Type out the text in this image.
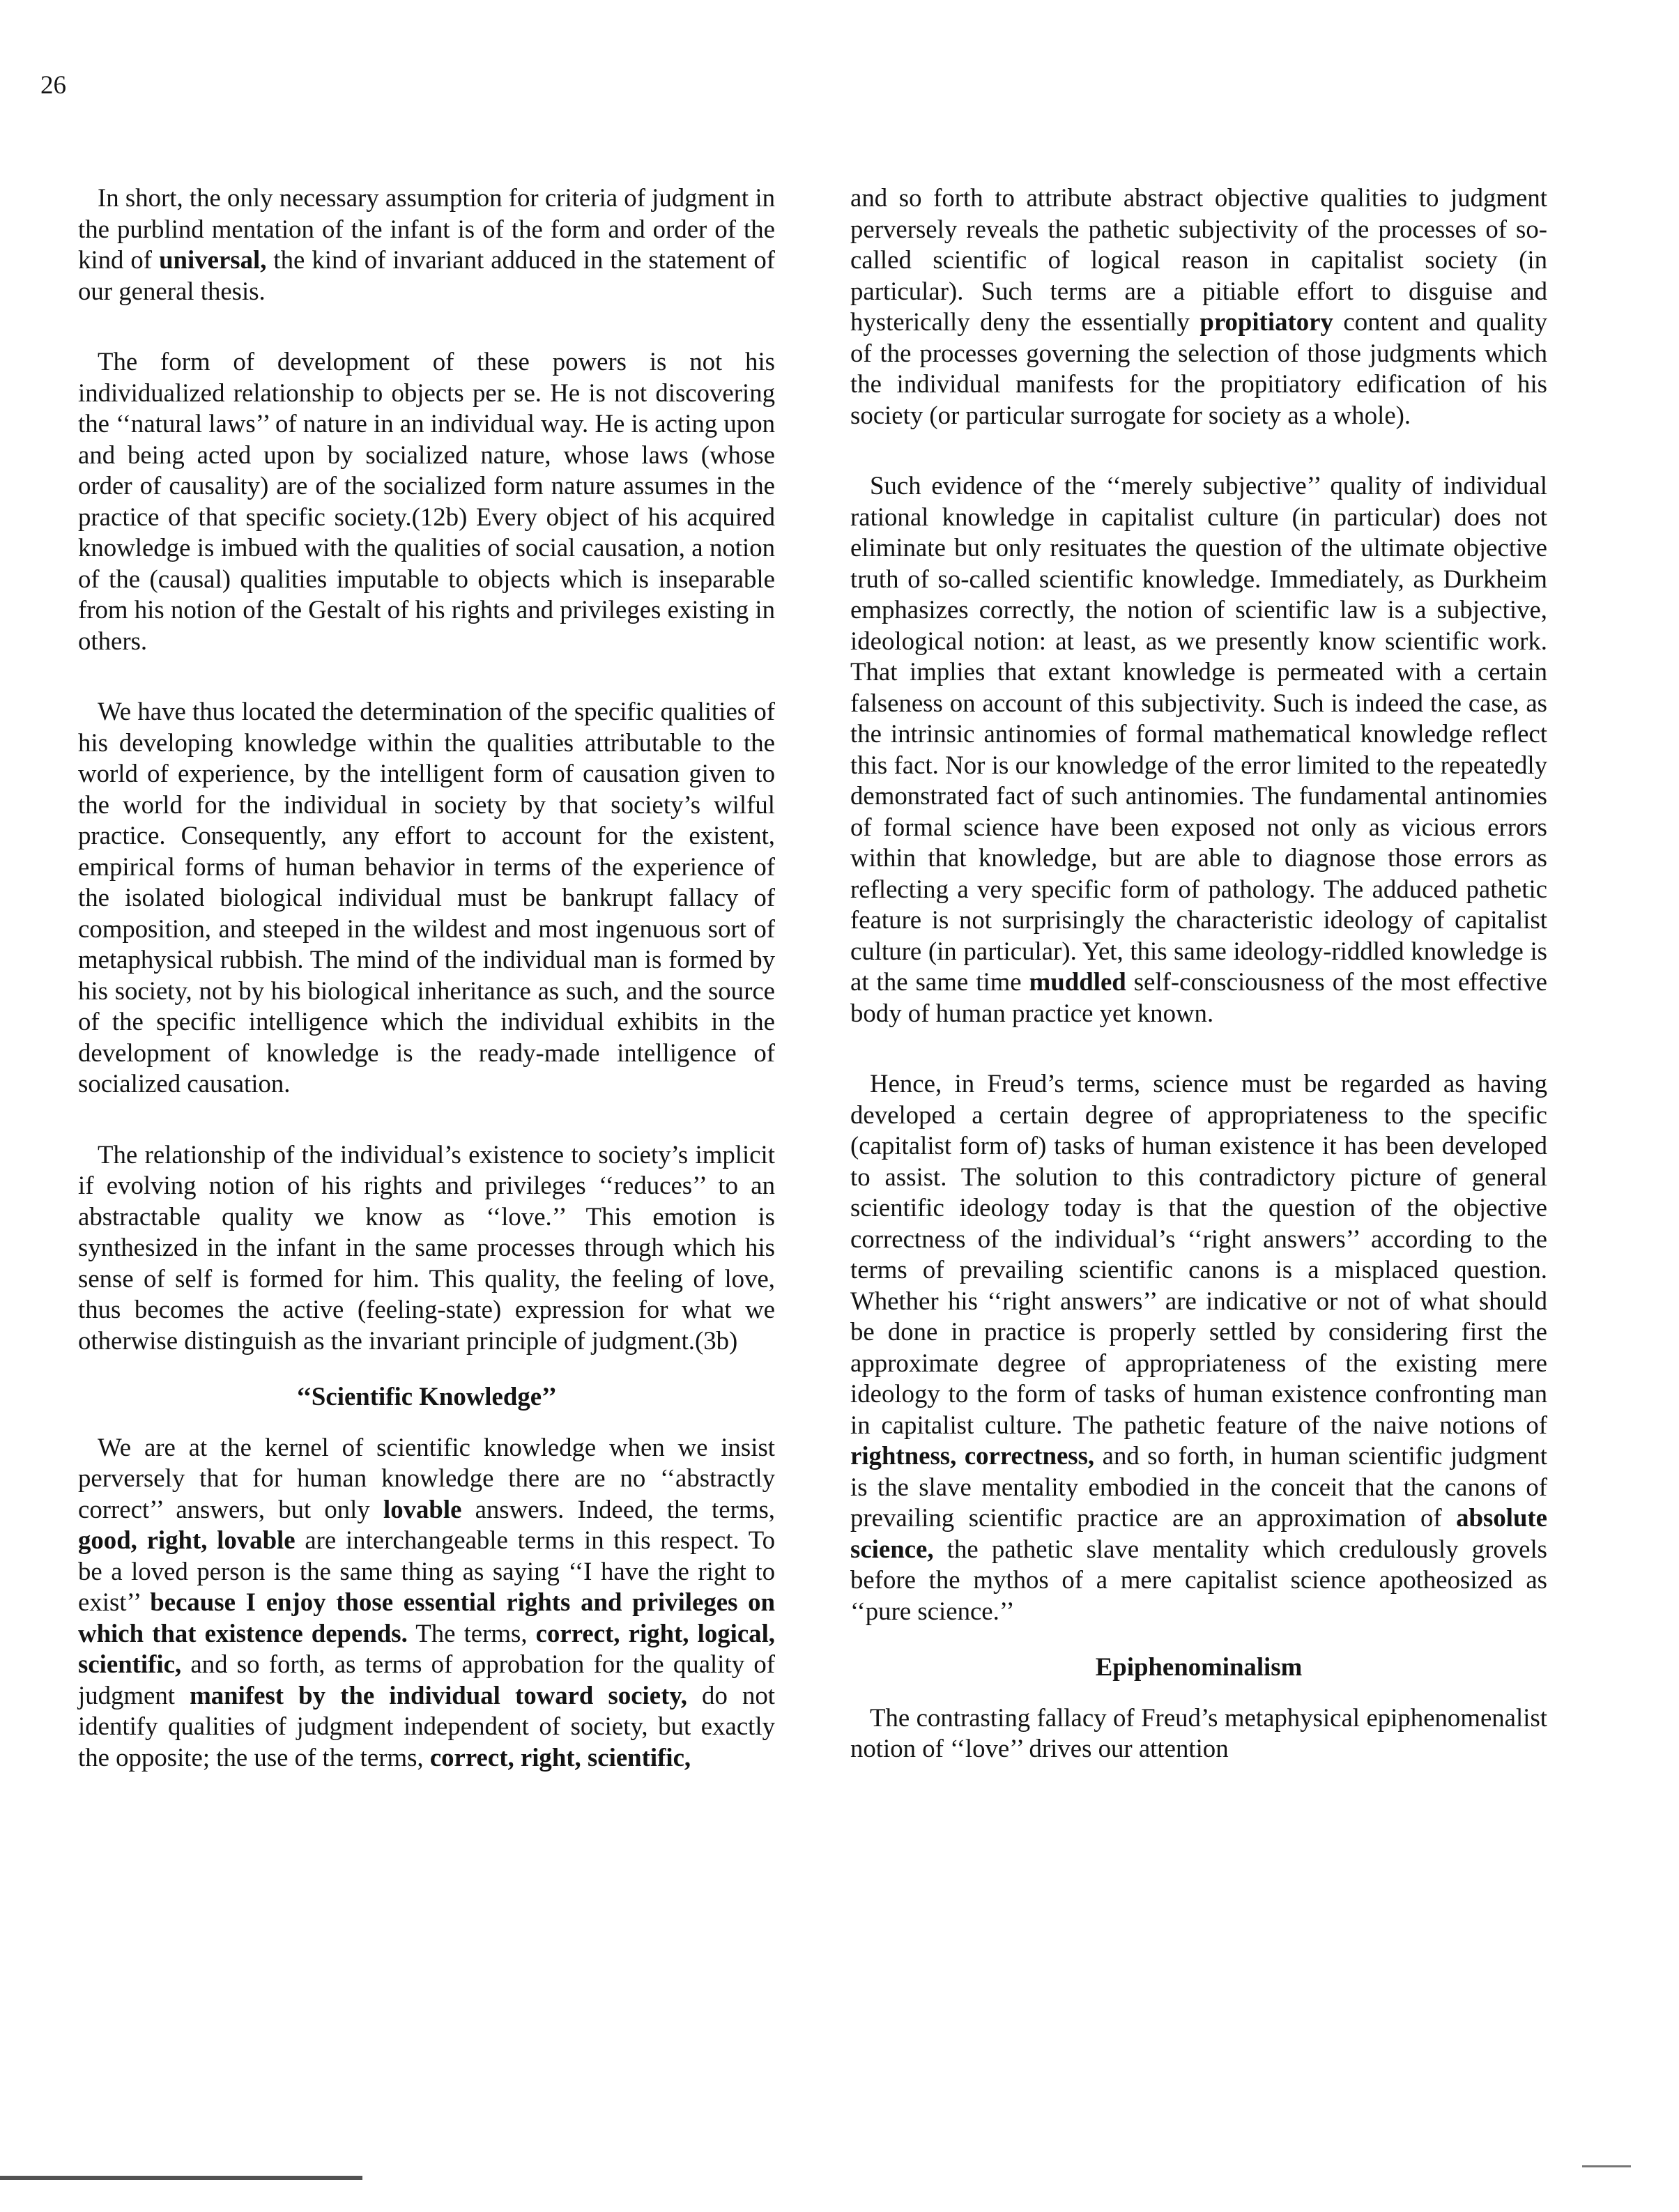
26

In short, the only necessary assumption for criteria of judgment in the purblind mentation of the infant is of the form and order of the kind of universal, the kind of invariant adduced in the statement of our general thesis.

The form of development of these powers is not his individualized relationship to objects per se. He is not discovering the ‘‘natural laws’’ of nature in an individual way. He is acting upon and being acted upon by socialized nature, whose laws (whose order of causality) are of the socialized form nature assumes in the practice of that specific society.(12b) Every object of his acquired knowledge is imbued with the qualities of social causation, a notion of the (causal) qualities imputable to objects which is inseparable from his notion of the Gestalt of his rights and privileges existing in others.

We have thus located the determination of the specific qualities of his developing knowledge within the qualities attributable to the world of experience, by the intelligent form of causation given to the world for the individual in society by that society’s wilful practice. Consequently, any effort to account for the existent, empirical forms of human behavior in terms of the experience of the isolated biological individual must be bankrupt fallacy of composition, and steeped in the wildest and most ingenuous sort of metaphysical rubbish. The mind of the individual man is formed by his society, not by his biological inheritance as such, and the source of the specific intelligence which the individual exhibits in the development of knowledge is the ready-made intelligence of socialized causation.

The relationship of the individual’s existence to society’s implicit if evolving notion of his rights and privileges ‘‘reduces’’ to an abstractable quality we know as ‘‘love.’’ This emotion is synthesized in the infant in the same processes through which his sense of self is formed for him. This quality, the feeling of love, thus becomes the active (feeling-state) expression for what we otherwise distinguish as the invariant principle of judgment.(3b)

‘‘Scientific Knowledge’’

We are at the kernel of scientific knowledge when we insist perversely that for human knowledge there are no ‘‘abstractly correct’’ answers, but only lovable answers. Indeed, the terms, good, right, lovable are interchangeable terms in this respect. To be a loved person is the same thing as saying ‘‘I have the right to exist’’ because I enjoy those essential rights and privileges on which that existence depends. The terms, correct, right, logical, scientific, and so forth, as terms of approbation for the quality of judgment manifest by the individual toward society, do not identify qualities of judgment independent of society, but exactly the opposite; the use of the terms, correct, right, scientific,

and so forth to attribute abstract objective qualities to judgment perversely reveals the pathetic subjectivity of the processes of so-called scientific of logical reason in capitalist society (in particular). Such terms are a pitiable effort to disguise and hysterically deny the essentially propitiatory content and quality of the processes governing the selection of those judgments which the individual manifests for the propitiatory edification of his society (or particular surrogate for society as a whole).

Such evidence of the ‘‘merely subjective’’ quality of individual rational knowledge in capitalist culture (in particular) does not eliminate but only resituates the question of the ultimate objective truth of so-called scientific knowledge. Immediately, as Durkheim emphasizes correctly, the notion of scientific law is a subjective, ideological notion: at least, as we presently know scientific work. That implies that extant knowledge is permeated with a certain falseness on account of this subjectivity. Such is indeed the case, as the intrinsic antinomies of formal mathematical knowledge reflect this fact. Nor is our knowledge of the error limited to the repeatedly demonstrated fact of such antinomies. The fundamental antinomies of formal science have been exposed not only as vicious errors within that knowledge, but are able to diagnose those errors as reflecting a very specific form of pathology. The adduced pathetic feature is not surprisingly the characteristic ideology of capitalist culture (in particular). Yet, this same ideology-riddled knowledge is at the same time muddled self-consciousness of the most effective body of human practice yet known.

Hence, in Freud’s terms, science must be regarded as having developed a certain degree of appropriateness to the specific (capitalist form of) tasks of human existence it has been developed to assist. The solution to this contradictory picture of general scientific ideology today is that the question of the objective correctness of the individual’s ‘‘right answers’’ according to the terms of prevailing scientific canons is a misplaced question. Whether his ‘‘right answers’’ are indicative or not of what should be done in practice is properly settled by considering first the approximate degree of appropriateness of the existing mere ideology to the form of tasks of human existence confronting man in capitalist culture. The pathetic feature of the naive notions of rightness, correctness, and so forth, in human scientific judgment is the slave mentality embodied in the conceit that the canons of prevailing scientific practice are an approximation of absolute science, the pathetic slave mentality which credulously grovels before the mythos of a mere capitalist science apotheosized as ‘‘pure science.’’

Epiphenominalism

The contrasting fallacy of Freud’s metaphysical epiphenomenalist notion of ‘‘love’’ drives our attention
